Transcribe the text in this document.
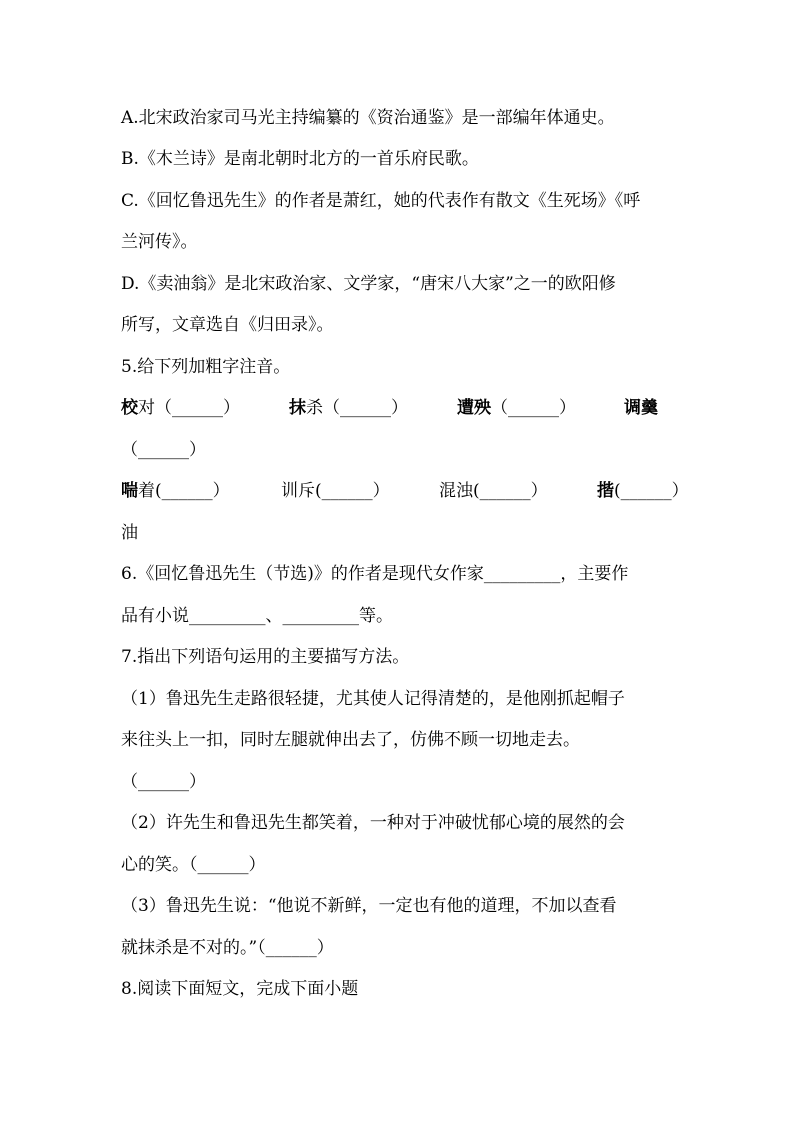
A.北宋政治家司马光主持编纂的《资治通鉴》是一部编年体通史。
B.《木兰诗》是南北朝时北方的一首乐府民歌。
C.《回忆鲁迅先生》的作者是萧红，她的代表作有散文《生死场》《呼
兰河传》。
D.《卖油翁》是北宋政治家、文学家，“唐宋八大家”之一的欧阳修
所写，文章选自《归田录》。
5.给下列加粗字注音。
校对（______）	抹杀（______）	遭殃（______）	调羹
（______）
喘着(______）	训斥(______）	混浊(______）	揩(______）
油
6.《回忆鲁迅先生（节选)》的作者是现代女作家_________，主要作
品有小说_________、_________等。
7.指出下列语句运用的主要描写方法。
（1）鲁迅先生走路很轻捷，尤其使人记得清楚的，是他刚抓起帽子
来往头上一扣，同时左腿就伸出去了，仿佛不顾一切地走去。
（______）
（2）许先生和鲁迅先生都笑着，一种对于冲破忧郁心境的展然的会
心的笑。（______）
（3）鲁迅先生说：“他说不新鲜，一定也有他的道理，不加以查看
就抹杀是不对的。”（______）
8.阅读下面短文，完成下面小题
